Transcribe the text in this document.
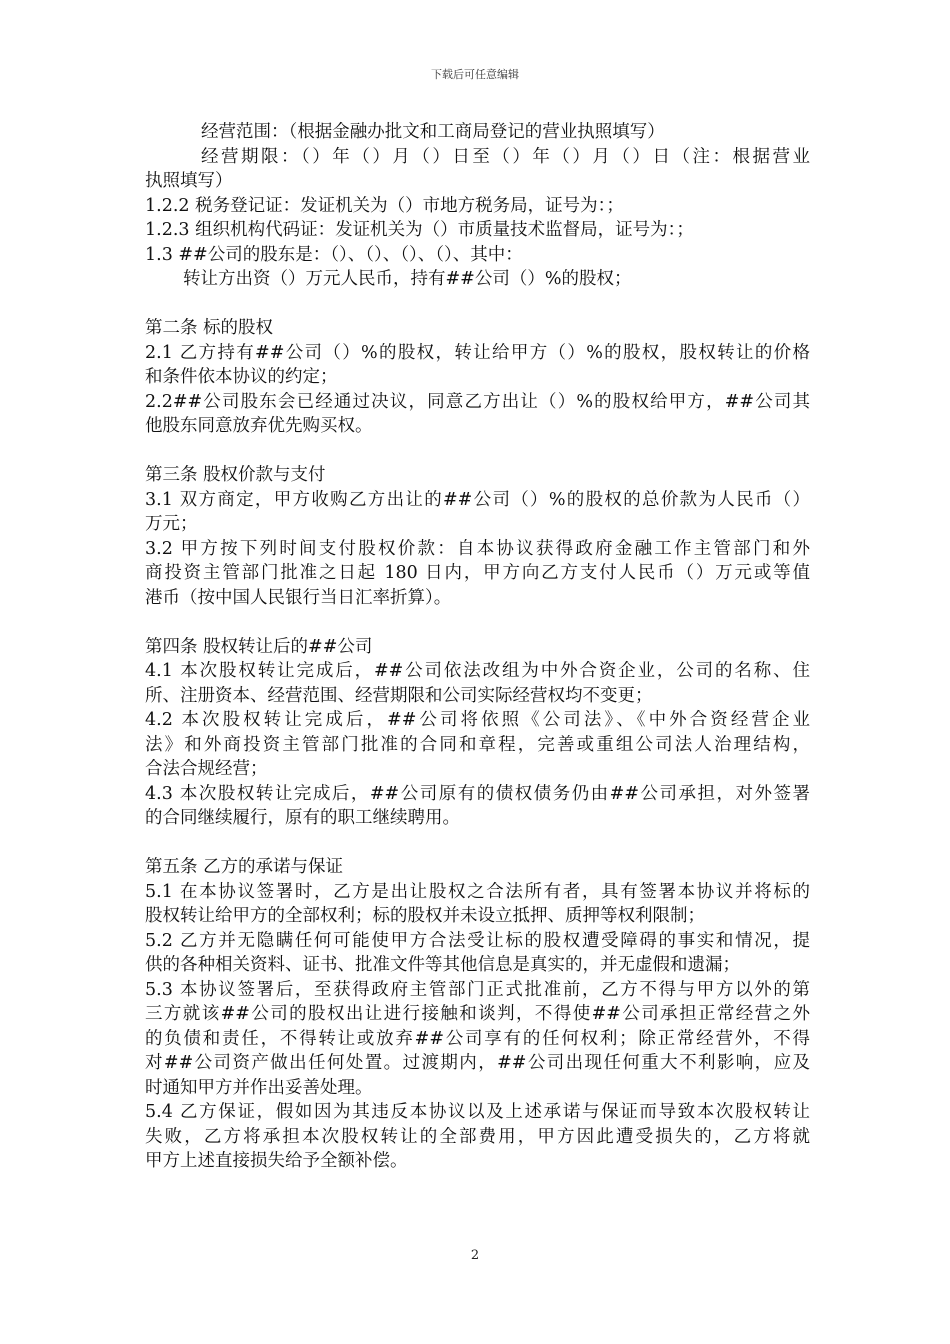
下载后可任意编辑
经营范围：（根据金融办批文和工商局登记的营业执照填写）
经营期限：（）年（）月（）日至（）年（）月（）日（注：根据营业
执照填写）
1.2.2 税务登记证：发证机关为（）市地方税务局，证号为：；
1.2.3 组织机构代码证：发证机关为（）市质量技术监督局，证号为：；
1.3 ##公司的股东是：（）、（）、（）、（）、其中：
转让方出资（）万元人民币，持有##公司（）%的股权；
第二条 标的股权
2.1 乙方持有##公司（）%的股权，转让给甲方（）%的股权，股权转让的价格
和条件依本协议的约定；
2.2##公司股东会已经通过决议，同意乙方出让（）%的股权给甲方，##公司其
他股东同意放弃优先购买权。
第三条 股权价款与支付
3.1 双方商定，甲方收购乙方出让的##公司（）%的股权的总价款为人民币（）
万元；
3.2 甲方按下列时间支付股权价款：自本协议获得政府金融工作主管部门和外
商投资主管部门批准之日起 180 日内，甲方向乙方支付人民币（）万元或等值
港币（按中国人民银行当日汇率折算）。
第四条 股权转让后的##公司
4.1 本次股权转让完成后，##公司依法改组为中外合资企业，公司的名称、住
所、注册资本、经营范围、经营期限和公司实际经营权均不变更；
4.2 本次股权转让完成后，##公司将依照《公司法》、《中外合资经营企业
法》和外商投资主管部门批准的合同和章程，完善或重组公司法人治理结构，
合法合规经营；
4.3 本次股权转让完成后，##公司原有的债权债务仍由##公司承担，对外签署
的合同继续履行，原有的职工继续聘用。
第五条 乙方的承诺与保证
5.1 在本协议签署时，乙方是出让股权之合法所有者，具有签署本协议并将标的
股权转让给甲方的全部权利；标的股权并未设立抵押、质押等权利限制；
5.2 乙方并无隐瞒任何可能使甲方合法受让标的股权遭受障碍的事实和情况，提
供的各种相关资料、证书、批准文件等其他信息是真实的，并无虚假和遗漏；
5.3 本协议签署后，至获得政府主管部门正式批准前，乙方不得与甲方以外的第
三方就该##公司的股权出让进行接触和谈判，不得使##公司承担正常经营之外
的负债和责任，不得转让或放弃##公司享有的任何权利；除正常经营外，不得
对##公司资产做出任何处置。过渡期内，##公司出现任何重大不利影响，应及
时通知甲方并作出妥善处理。
5.4 乙方保证，假如因为其违反本协议以及上述承诺与保证而导致本次股权转让
失败，乙方将承担本次股权转让的全部费用，甲方因此遭受损失的，乙方将就
甲方上述直接损失给予全额补偿。
2
